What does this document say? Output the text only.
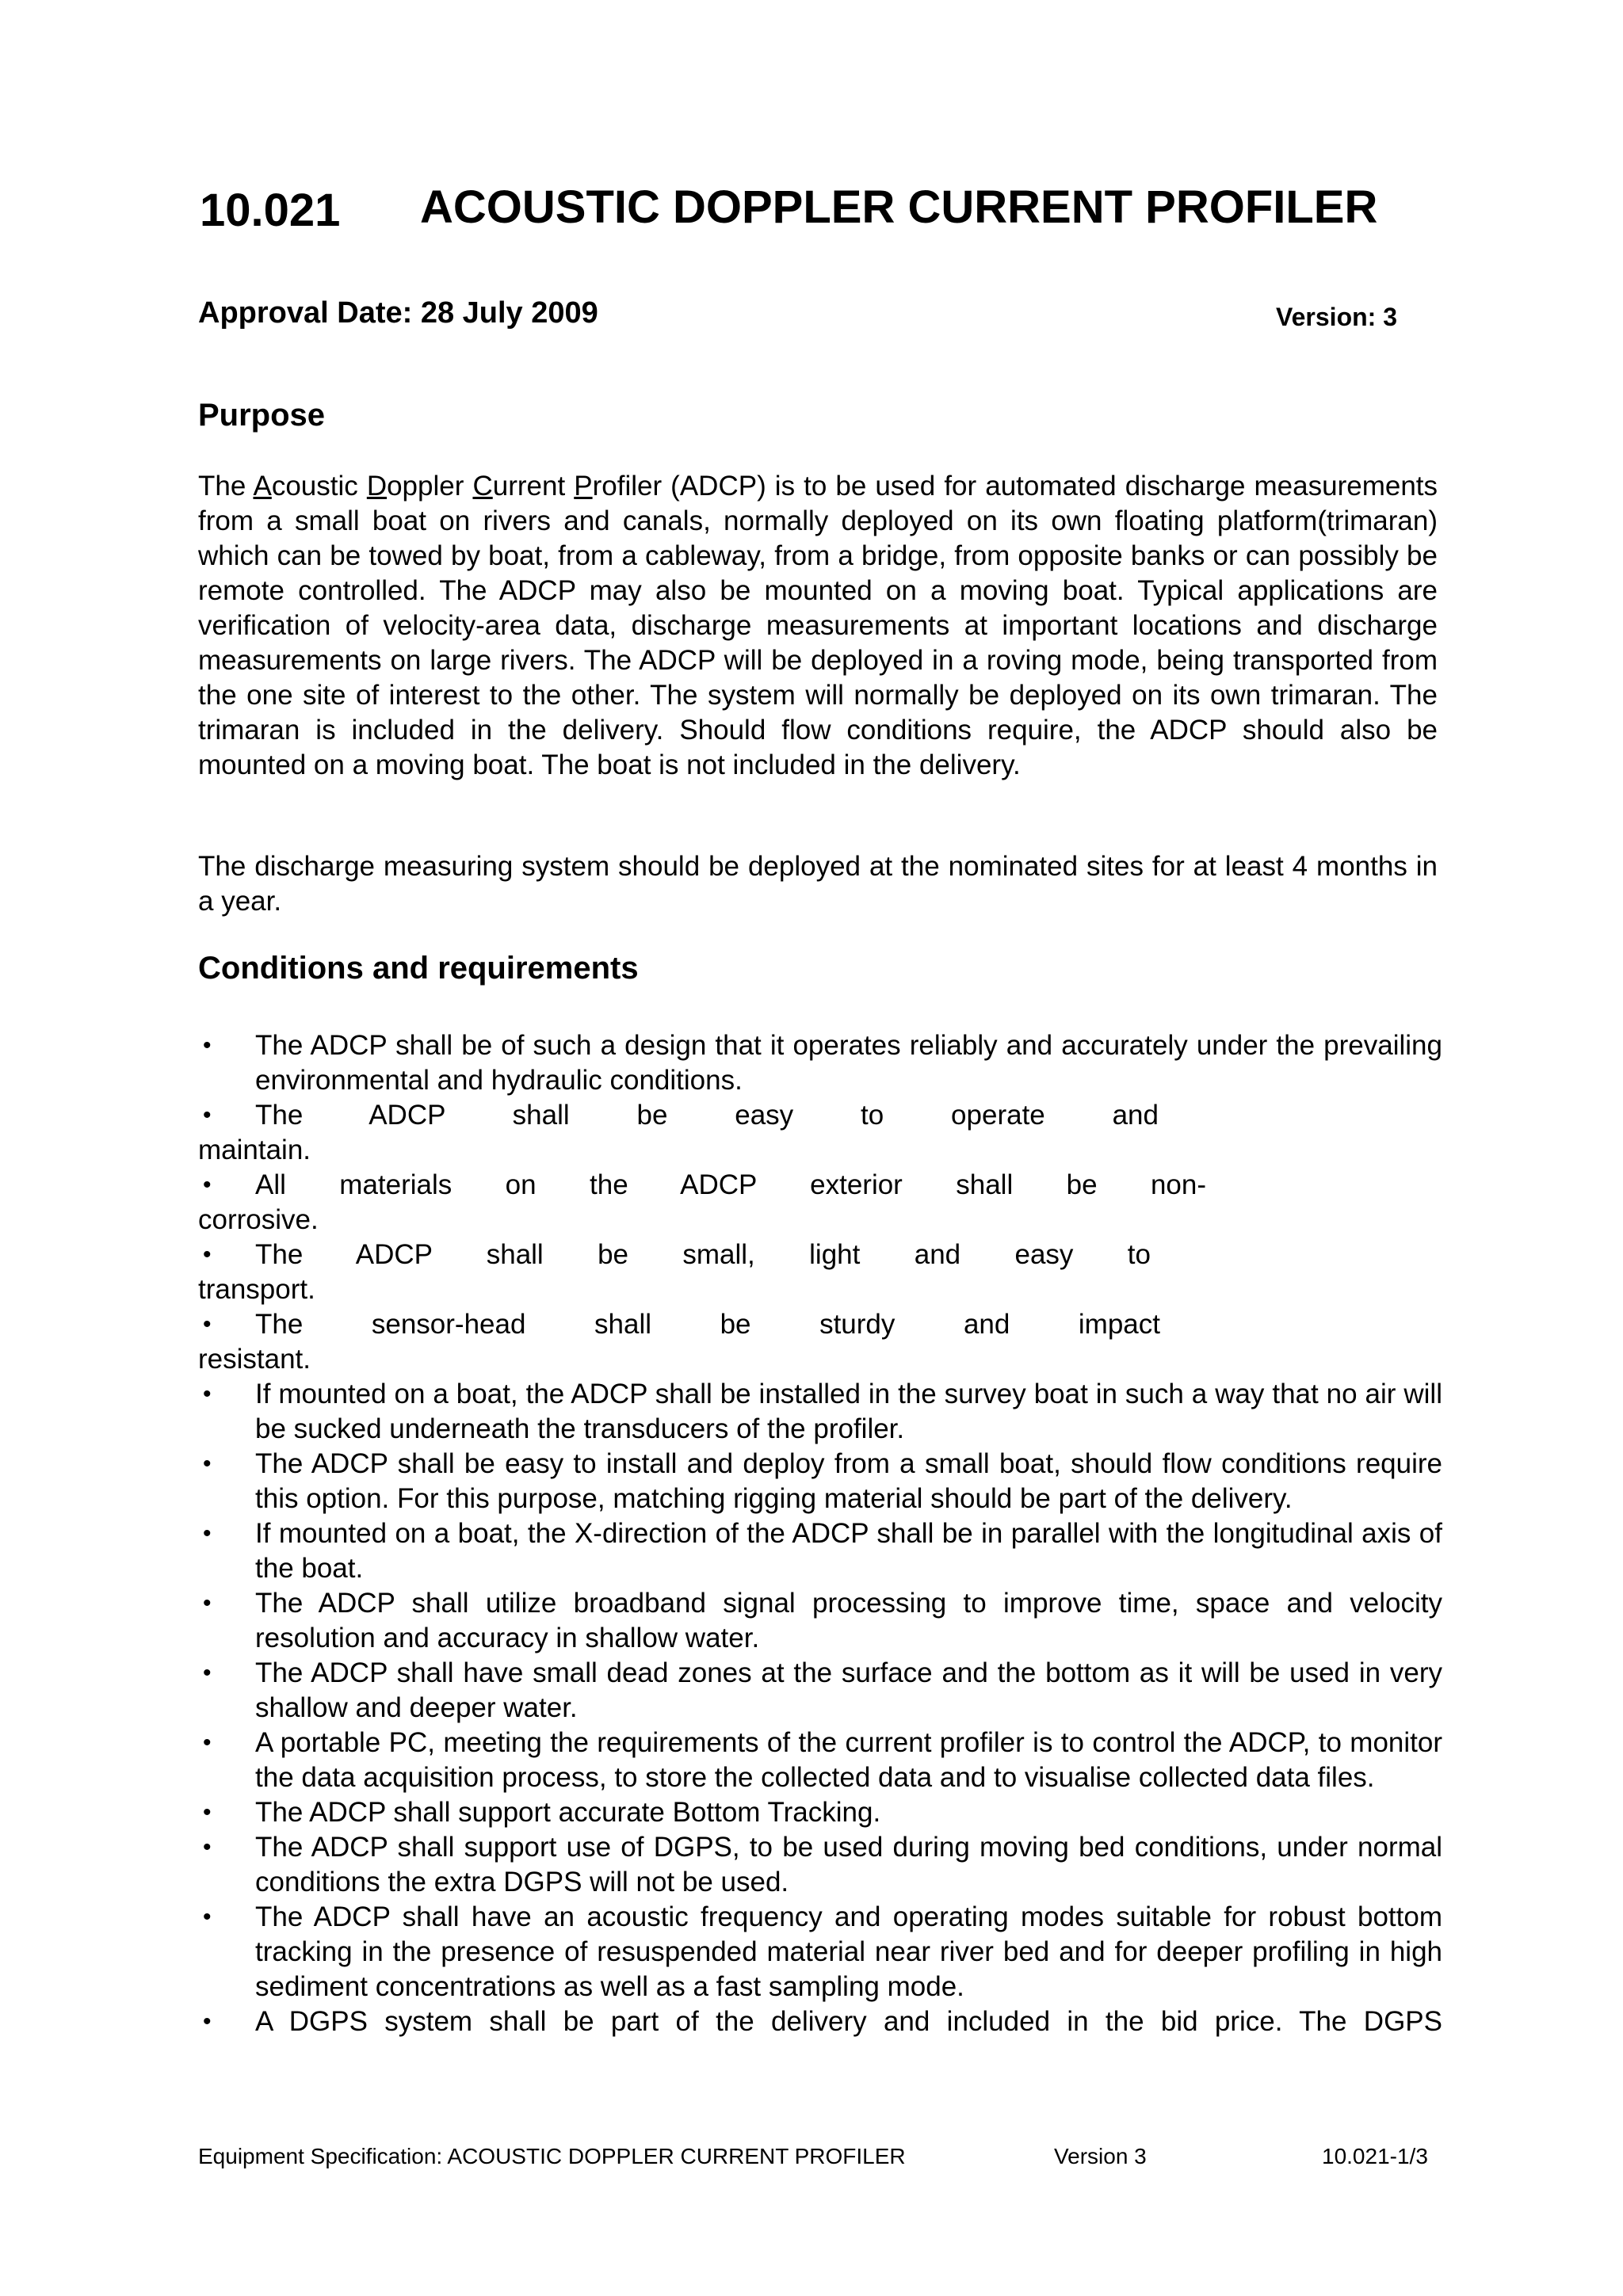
10.021 ACOUSTIC DOPPLER CURRENT PROFILER
Approval Date: 28 July 2009	Version: 3
Purpose
The Acoustic Doppler Current Profiler (ADCP) is to be used for automated discharge measurements from a small boat on rivers and canals, normally deployed on its own floating platform(trimaran) which can be towed by boat, from a cableway, from a bridge, from opposite banks or can possibly be remote controlled. The ADCP may also be mounted on a moving boat. Typical applications are verification of velocity-area data, discharge measurements at important locations and discharge measurements on large rivers. The ADCP will be deployed in a roving mode, being transported from the one site of interest to the other. The system will normally be deployed on its own trimaran. The trimaran is included in the delivery. Should flow conditions require, the ADCP should also be mounted on a moving boat. The boat is not included in the delivery.
The discharge measuring system should be deployed at the nominated sites for at least 4 months in a year.
Conditions and requirements
• The ADCP shall be of such a design that it operates reliably and accurately under the prevailing environmental and hydraulic conditions.
• The ADCP shall be easy to operate and
maintain.
• All materials on the ADCP exterior shall be non-
corrosive.
• The ADCP shall be small, light and easy to
transport.
• The sensor-head shall be sturdy and impact
resistant.
• If mounted on a boat, the ADCP shall be installed in the survey boat in such a way that no air will be sucked underneath the transducers of the profiler.
• The ADCP shall be easy to install and deploy from a small boat, should flow conditions require this option. For this purpose, matching rigging material should be part of the delivery.
• If mounted on a boat, the X-direction of the ADCP shall be in parallel with the longitudinal axis of the boat.
• The ADCP shall utilize broadband signal processing to improve time, space and velocity resolution and accuracy in shallow water.
• The ADCP shall have small dead zones at the surface and the bottom as it will be used in very shallow and deeper water.
• A portable PC, meeting the requirements of the current profiler is to control the ADCP, to monitor the data acquisition process, to store the collected data and to visualise collected data files.
• The ADCP shall support accurate Bottom Tracking.
• The ADCP shall support use of DGPS, to be used during moving bed conditions, under normal conditions the extra DGPS will not be used.
• The ADCP shall have an acoustic frequency and operating modes suitable for robust bottom tracking in the presence of resuspended material near river bed and for deeper profiling in high sediment concentrations as well as a fast sampling mode.
• A DGPS system shall be part of the delivery and included in the bid price. The DGPS
Equipment Specification: ACOUSTIC DOPPLER CURRENT PROFILER	Version 3	10.021-1/3
